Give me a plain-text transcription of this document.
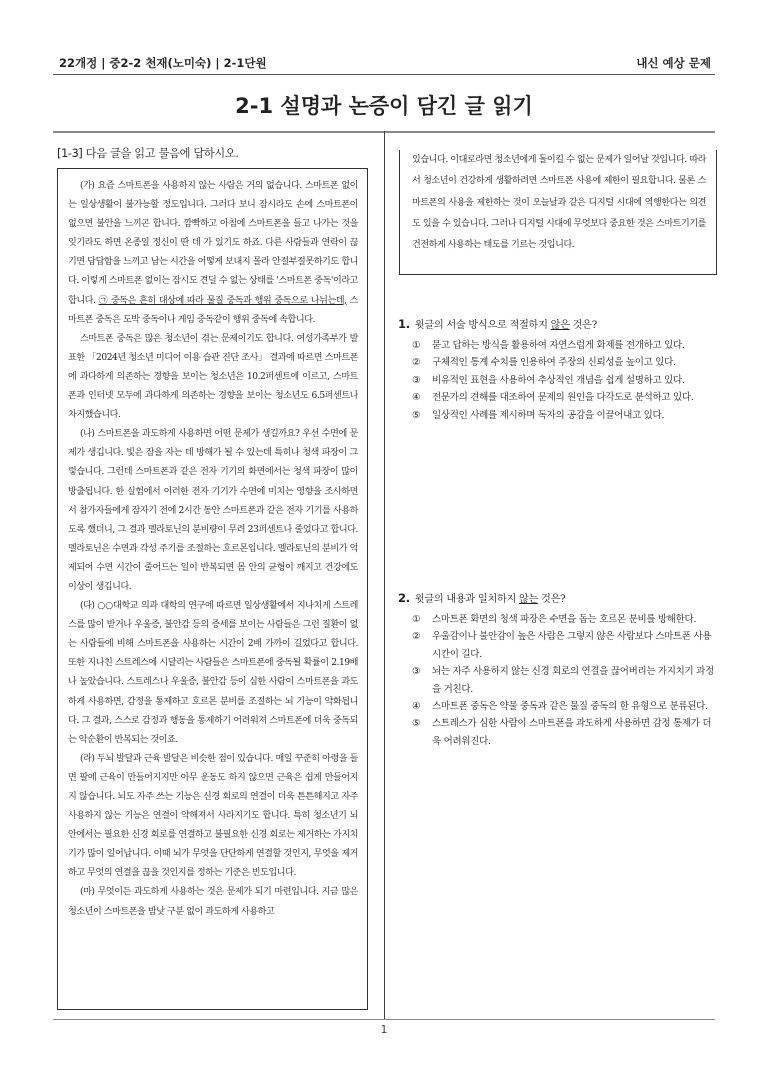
22개정 | 중2-2 천재(노미숙) | 2-1단원	내신 예상 문제
2-1 설명과 논증이 담긴 글 읽기
[1-3] 다음 글을 읽고 물음에 답하시오.

(가) 요즘 스마트폰을 사용하지 않는 사람은 거의 없습니다. 스마트폰 없이는 일상생활이 불가능할 정도입니다. 그러다 보니 잠시라도 손에 스마트폰이 없으면 불안을 느끼곤 합니다. 깜빡하고 아침에 스마트폰을 들고 나가는 것을 잊기라도 하면 온종일 정신이 딴 데 가 있기도 하죠. 다른 사람들과 연락이 끊기면 답답함을 느끼고 남는 시간을 어떻게 보내지 몰라 안절부절못하기도 합니다. 이렇게 스마트폰 없이는 잠시도 견딜 수 없는 상태를 '스마트폰 중독'이라고 합니다. ㉠ 중독은 흔히 대상에 따라 물질 중독과 행위 중독으로 나뉘는데, 스마트폰 중독은 도박 중독이나 게임 중독같이 행위 중독에 속합니다.

스마트폰 중독은 많은 청소년이 겪는 문제이기도 합니다. 여성가족부가 발표한 「2024년 청소년 미디어 이용 습관 진단 조사」 결과에 따르면 스마트폰에 과다하게 의존하는 경향을 보이는 청소년은 10.2퍼센트에 이르고, 스마트폰과 인터넷 모두에 과다하게 의존하는 경향을 보이는 청소년도 6.5퍼센트나 차지했습니다.

(나) 스마트폰을 과도하게 사용하면 어떤 문제가 생길까요? 우선 수면에 문제가 생깁니다. 빛은 잠을 자는 데 방해가 될 수 있는데 특히나 청색 파장이 그렇습니다. 그런데 스마트폰과 같은 전자 기기의 화면에서는 청색 파장이 많이 방출됩니다. 한 실험에서 이러한 전자 기기가 수면에 미치는 영향을 조사하면서 참가자들에게 잠자기 전에 2시간 동안 스마트폰과 같은 전자 기기를 사용하도록 했더니, 그 결과 멜라토닌의 분비량이 무려 23퍼센트나 줄었다고 합니다. 멜라토닌은 수면과 각성 주기를 조절하는 호르몬입니다. 멜라토닌의 분비가 억제되어 수면 시간이 줄어드는 일이 반복되면 몸 안의 균형이 깨지고 건강에도 이상이 생깁니다.

(다) ○○대학교 의과 대학의 연구에 따르면 일상생활에서 지나치게 스트레스를 많이 받거나 우울증, 불안감 등의 증세를 보이는 사람들은 그런 질환이 없는 사람들에 비해 스마트폰을 사용하는 시간이 2배 가까이 길었다고 합니다. 또한 지나친 스트레스에 시달리는 사람들은 스마트폰에 중독될 확률이 2.19배나 높았습니다. 스트레스나 우울증, 불안감 등이 심한 사람이 스마트폰을 과도하게 사용하면, 감정을 통제하고 호르몬 분비를 조절하는 뇌 기능이 약화됩니다. 그 결과, 스스로 감정과 행동을 통제하기 어려워져 스마트폰에 더욱 중독되는 악순환이 반복되는 것이죠.

(라) 두뇌 발달과 근육 발달은 비슷한 점이 있습니다. 매일 꾸준히 아령을 들면 팔에 근육이 만들어지지만 아무 운동도 하지 않으면 근육은 쉽게 만들어지지 않습니다. 뇌도 자주 쓰는 기능은 신경 회로의 연결이 더욱 튼튼해지고 자주 사용하지 않는 기능은 연결이 약해져서 사라지기도 합니다. 특히 청소년기 뇌 안에서는 필요한 신경 회로를 연결하고 불필요한 신경 회로는 제거하는 가지치기가 많이 일어납니다. 이때 뇌가 무엇을 단단하게 연결할 것인지, 무엇을 제거하고 무엇의 연결을 끊을 것인지를 정하는 기준은 빈도입니다.

(마) 무엇이든 과도하게 사용하는 것은 문제가 되기 마련입니다. 지금 많은 청소년이 스마트폰을 밤낮 구분 없이 과도하게 사용하고

있습니다. 이대로라면 청소년에게 돌이킬 수 없는 문제가 일어날 것입니다. 따라서 청소년이 건강하게 생활하려면 스마트폰 사용에 제한이 필요합니다. 물론 스마트폰의 사용을 제한하는 것이 오늘날과 같은 디지털 시대에 역행한다는 의견도 있을 수 있습니다. 그러나 디지털 시대에 무엇보다 중요한 것은 스마트기기를 건전하게 사용하는 태도를 기르는 것입니다.

1. 윗글의 서술 방식으로 적절하지 않은 것은?
① 묻고 답하는 방식을 활용하여 자연스럽게 화제를 전개하고 있다.
② 구체적인 통계 수치를 인용하여 주장의 신뢰성을 높이고 있다.
③ 비유적인 표현을 사용하여 추상적인 개념을 쉽게 설명하고 있다.
④ 전문가의 견해를 대조하여 문제의 원인을 다각도로 분석하고 있다.
⑤ 일상적인 사례를 제시하며 독자의 공감을 이끌어내고 있다.
2. 윗글의 내용과 일치하지 않는 것은?
① 스마트폰 화면의 청색 파장은 수면을 돕는 호르몬 분비를 방해한다.
② 우울감이나 불안감이 높은 사람은 그렇지 않은 사람보다 스마트폰 사용 시간이 길다.
③ 뇌는 자주 사용하지 않는 신경 회로의 연결을 끊어버리는 가지치기 과정을 거친다.
④ 스마트폰 중독은 약물 중독과 같은 물질 중독의 한 유형으로 분류된다.
⑤ 스트레스가 심한 사람이 스마트폰을 과도하게 사용하면 감정 통제가 더욱 어려워진다.
1
